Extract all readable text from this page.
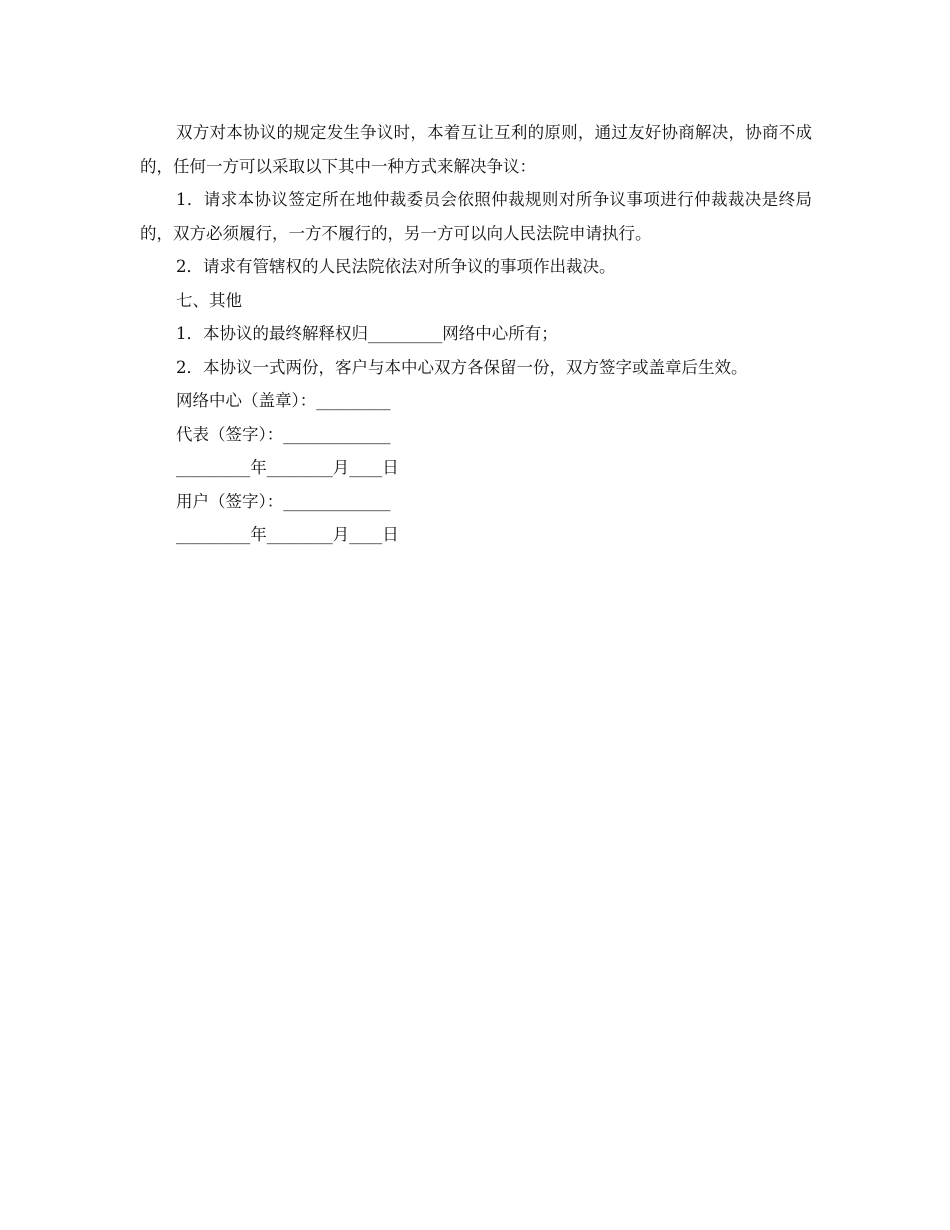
双方对本协议的规定发生争议时，本着互让互利的原则，通过友好协商解决，协商不成的，任何一方可以采取以下其中一种方式来解决争议：

1．请求本协议签定所在地仲裁委员会依照仲裁规则对所争议事项进行仲裁裁决是终局的，双方必须履行，一方不履行的，另一方可以向人民法院申请执行。

2．请求有管辖权的人民法院依法对所争议的事项作出裁决。

七、其他

1．本协议的最终解释权归_________网络中心所有；

2．本协议一式两份，客户与本中心双方各保留一份，双方签字或盖章后生效。

网络中心（盖章）：_________

代表（签字）：_____________

_________年________月____日

用户（签字）：_____________

_________年________月____日
